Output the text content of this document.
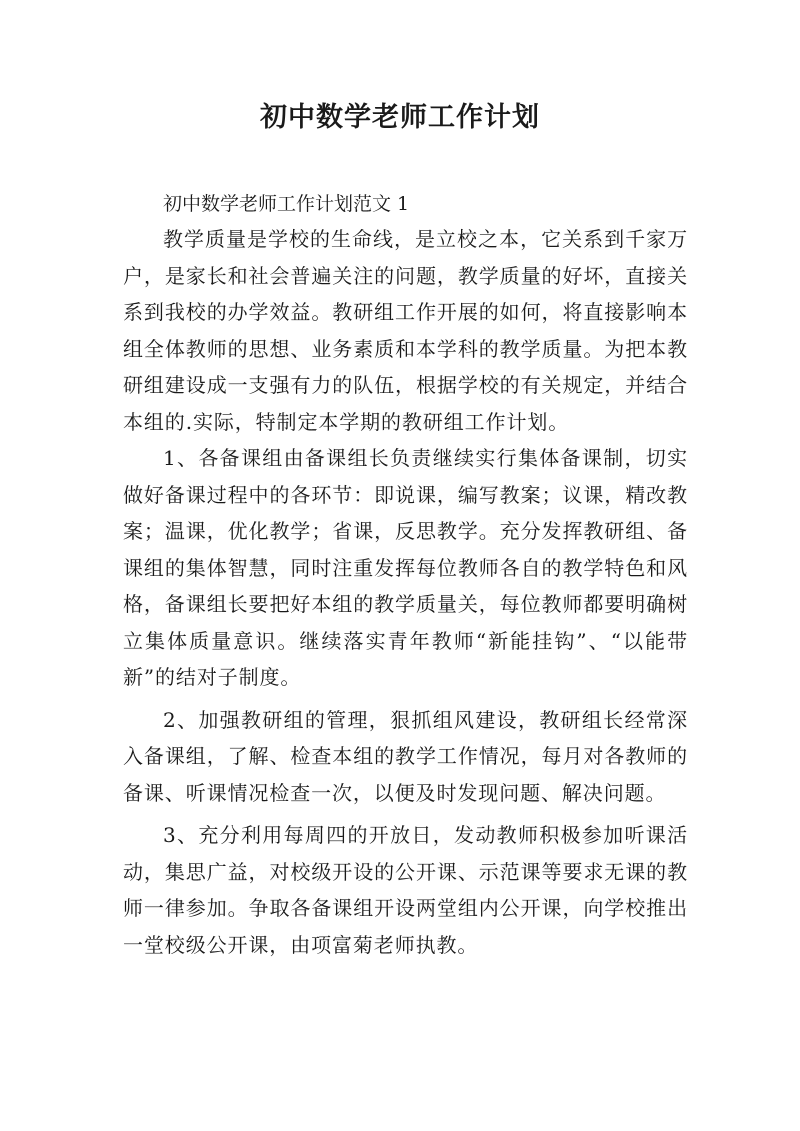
初中数学老师工作计划

初中数学老师工作计划范文 1

教学质量是学校的生命线，是立校之本，它关系到千家万户，是家长和社会普遍关注的问题，教学质量的好坏，直接关系到我校的办学效益。教研组工作开展的如何，将直接影响本组全体教师的思想、业务素质和本学科的教学质量。为把本教研组建设成一支强有力的队伍，根据学校的有关规定，并结合本组的.实际，特制定本学期的教研组工作计划。

1、各备课组由备课组长负责继续实行集体备课制，切实做好备课过程中的各环节：即说课，编写教案；议课，精改教案；温课，优化教学；省课，反思教学。充分发挥教研组、备课组的集体智慧，同时注重发挥每位教师各自的教学特色和风格，备课组长要把好本组的教学质量关，每位教师都要明确树立集体质量意识。继续落实青年教师“新能挂钩”、“以能带新”的结对子制度。

2、加强教研组的管理，狠抓组风建设，教研组长经常深入备课组，了解、检查本组的教学工作情况，每月对各教师的备课、听课情况检查一次，以便及时发现问题、解决问题。

3、充分利用每周四的开放日，发动教师积极参加听课活动，集思广益，对校级开设的公开课、示范课等要求无课的教师一律参加。争取各备课组开设两堂组内公开课，向学校推出一堂校级公开课，由项富菊老师执教。
